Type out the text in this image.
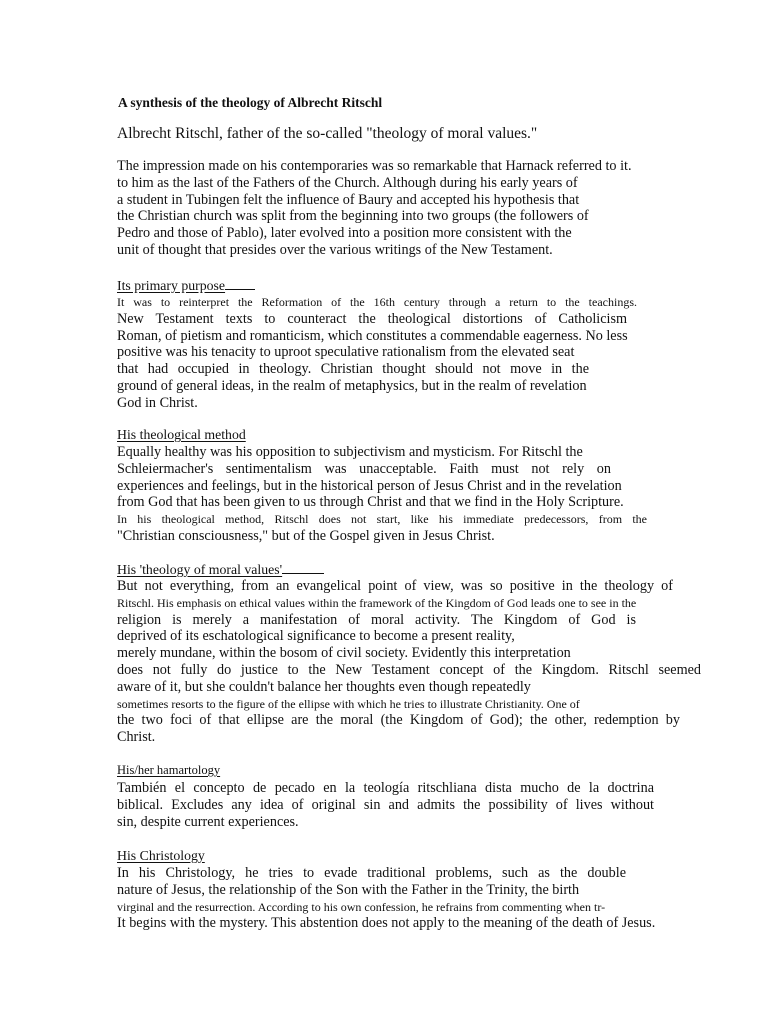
A synthesis of the theology of Albrecht Ritschl
Albrecht Ritschl, father of the so-called "theology of moral values."
The impression made on his contemporaries was so remarkable that Harnack referred to it.
to him as the last of the Fathers of the Church. Although during his early years of
a student in Tubingen felt the influence of Baury and accepted his hypothesis that
the Christian church was split from the beginning into two groups (the followers of
Pedro and those of Pablo), later evolved into a position more consistent with the
unit of thought that presides over the various writings of the New Testament.
Its primary purpose
It was to reinterpret the Reformation of the 16th century through a return to the teachings.
New Testament texts to counteract the theological distortions of Catholicism
Roman, of pietism and romanticism, which constitutes a commendable eagerness. No less
positive was his tenacity to uproot speculative rationalism from the elevated seat
that had occupied in theology. Christian thought should not move in the
ground of general ideas, in the realm of metaphysics, but in the realm of revelation
God in Christ.
His theological method
Equally healthy was his opposition to subjectivism and mysticism. For Ritschl the
Schleiermacher's sentimentalism was unacceptable. Faith must not rely on
experiences and feelings, but in the historical person of Jesus Christ and in the revelation
from God that has been given to us through Christ and that we find in the Holy Scripture.
In his theological method, Ritschl does not start, like his immediate predecessors, from the
"Christian consciousness," but of the Gospel given in Jesus Christ.
His 'theology of moral values'
But not everything, from an evangelical point of view, was so positive in the theology of
Ritschl. His emphasis on ethical values within the framework of the Kingdom of God leads one to see in the
religion is merely a manifestation of moral activity. The Kingdom of God is
deprived of its eschatological significance to become a present reality,
merely mundane, within the bosom of civil society. Evidently this interpretation
does not fully do justice to the New Testament concept of the Kingdom. Ritschl seemed
aware of it, but she couldn't balance her thoughts even though repeatedly
sometimes resorts to the figure of the ellipse with which he tries to illustrate Christianity. One of
the two foci of that ellipse are the moral (the Kingdom of God); the other, redemption by
Christ.
His/her hamartology
También el concepto de pecado en la teología ritschliana dista mucho de la doctrina
biblical. Excludes any idea of original sin and admits the possibility of lives without
sin, despite current experiences.
His Christology
In his Christology, he tries to evade traditional problems, such as the double
nature of Jesus, the relationship of the Son with the Father in the Trinity, the birth
virginal and the resurrection. According to his own confession, he refrains from commenting when tr-
It begins with the mystery. This abstention does not apply to the meaning of the death of Jesus.
